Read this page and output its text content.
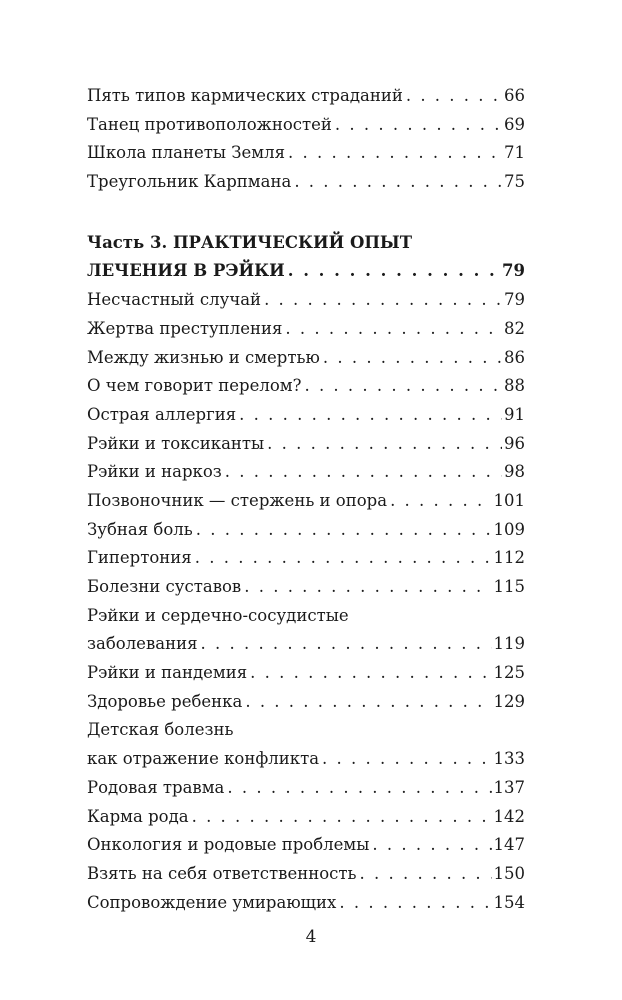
Пять типов кармических страданий . . .	66
Танец противоположностей . . .	69
Школа планеты Земля . . .	71
Треугольник Карпмана . . .	75
Часть 3. ПРАКТИЧЕСКИЙ ОПЫТ
ЛЕЧЕНИЯ В РЭЙКИ . . .	79
Несчастный случай . . .	79
Жертва преступления . . .	82
Между жизнью и смертью . . .	86
О чем говорит перелом? . . .	88
Острая аллергия . . .	91
Рэйки и токсиканты . . .	96
Рэйки и наркоз . . .	98
Позвоночник — стержень и опора . . .	101
Зубная боль . . .	109
Гипертония . . .	112
Болезни суставов . . .	115
Рэйки и сердечно-сосудистые
заболевания . . .	119
Рэйки и пандемия . . .	125
Здоровье ребенка . . .	129
Детская болезнь
как отражение конфликта . . .	133
Родовая травма . . .	137
Карма рода . . .	142
Онкология и родовые проблемы . . .	147
Взять на себя ответственность . . .	150
Сопровождение умирающих . . .	154
4
